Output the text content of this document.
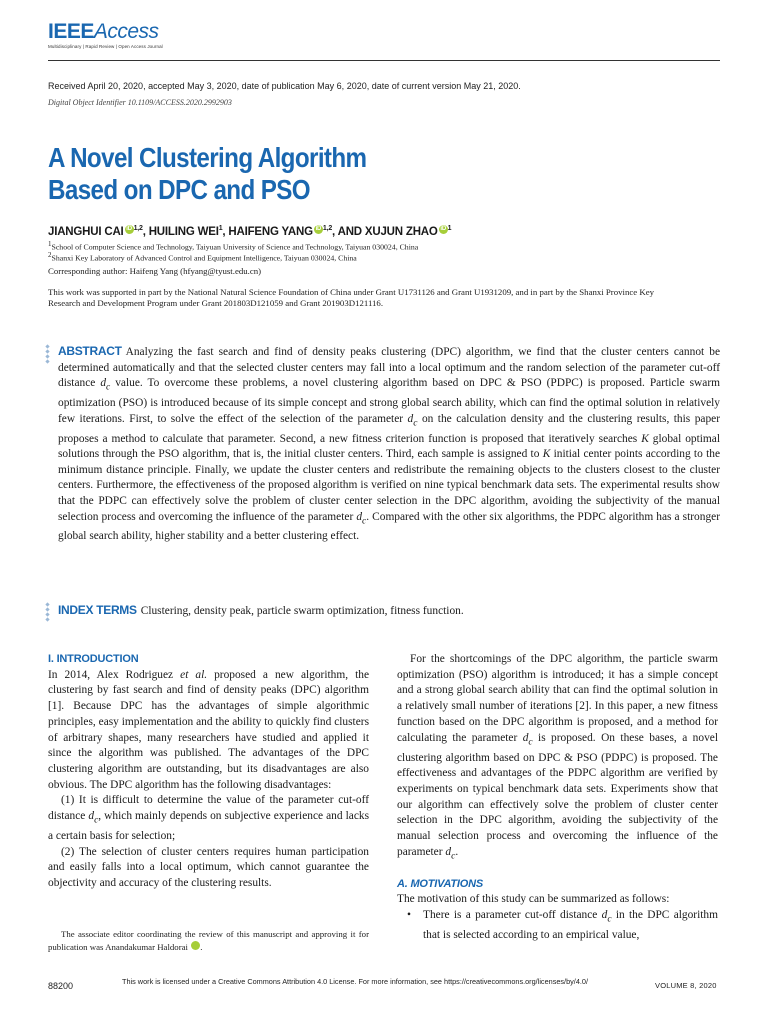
IEEEAccess
Multidisciplinary | Rapid Review | Open Access Journal
Received April 20, 2020, accepted May 3, 2020, date of publication May 6, 2020, date of current version May 21, 2020.
Digital Object Identifier 10.1109/ACCESS.2020.2992903
A Novel Clustering Algorithm
Based on DPC and PSO
JIANGHUI CAI iD $^{1,2}$, HUILING WEI$^1$, HAIFENG YANG iD $^{1,2}$, AND XUJUN ZHAO iD $^1$
$^1$School of Computer Science and Technology, Taiyuan University of Science and Technology, Taiyuan 030024, China
$^2$Shanxi Key Laboratory of Advanced Control and Equipment Intelligence, Taiyuan 030024, China
Corresponding author: Haifeng Yang (hfyang@tyust.edu.cn)
This work was supported in part by the National Natural Science Foundation of China under Grant U1731126 and Grant U1931209, and in part by the Shanxi Province Key Research and Development Program under Grant 201803D121059 and Grant 201903D121116.
ABSTRACT Analyzing the fast search and find of density peaks clustering (DPC) algorithm, we find that the cluster centers cannot be determined automatically and that the selected cluster centers may fall into a local optimum and the random selection of the parameter cut-off distance $d_c$ value. To overcome these problems, a novel clustering algorithm based on DPC & PSO (PDPC) is proposed. Particle swarm optimization (PSO) is introduced because of its simple concept and strong global search ability, which can find the optimal solution in relatively few iterations. First, to solve the effect of the selection of the parameter $d_c$ on the calculation density and the clustering results, this paper proposes a method to calculate that parameter. Second, a new fitness criterion function is proposed that iteratively searches K global optimal solutions through the PSO algorithm, that is, the initial cluster centers. Third, each sample is assigned to K initial center points according to the minimum distance principle. Finally, we update the cluster centers and redistribute the remaining objects to the clusters closest to the cluster centers. Furthermore, the effectiveness of the proposed algorithm is verified on nine typical benchmark data sets. The experimental results show that the PDPC can effectively solve the problem of cluster center selection in the DPC algorithm, avoiding the subjectivity of the manual selection process and overcoming the influence of the parameter $d_c$. Compared with the other six algorithms, the PDPC algorithm has a stronger global search ability, higher stability and a better clustering effect.
INDEX TERMS Clustering, density peak, particle swarm optimization, fitness function.
I. INTRODUCTION

In 2014, Alex Rodriguez et al. proposed a new algorithm, the clustering by fast search and find of density peaks (DPC) algorithm [1]. Because DPC has the advantages of simple algorithmic principles, easy implementation and the ability to quickly find clusters of arbitrary shapes, many researchers have studied and applied it since the algorithm was published. The advantages of the DPC clustering algorithm are outstanding, but its disadvantages are also obvious. The DPC algorithm has the following disadvantages:

(1) It is difficult to determine the value of the parameter cut-off distance $d_c$, which mainly depends on subjective experience and lacks a certain basis for selection;

(2) The selection of cluster centers requires human participation and easily falls into a local optimum, which cannot guarantee the objectivity and accuracy of the clustering results.

The associate editor coordinating the review of this manuscript and approving it for publication was Anandakumar Haldorai	iD.

For the shortcomings of the DPC algorithm, the particle swarm optimization (PSO) algorithm is introduced; it has a simple concept and a strong global search ability that can find the optimal solution in a relatively small number of iterations [2]. In this paper, a new fitness function based on the DPC algorithm is proposed, and a method for calculating the parameter $d_c$ is proposed. On these bases, a novel clustering algorithm based on DPC & PSO (PDPC) is proposed. The effectiveness and advantages of the PDPC algorithm are verified by experiments on typical benchmark data sets. Experiments show that our algorithm can effectively solve the problem of cluster center selection in the DPC algorithm, avoiding the subjectivity of the manual selection process and overcoming the influence of the parameter $d_c$.

A. MOTIVATIONS

The motivation of this study can be summarized as follows:

• There is a parameter cut-off distance $d_c$ in the DPC algorithm that is selected according to an empirical value,

88200	This work is licensed under a Creative Commons Attribution 4.0 License. For more information, see https://creativecommons.org/licenses/by/4.0/	VOLUME 8, 2020
